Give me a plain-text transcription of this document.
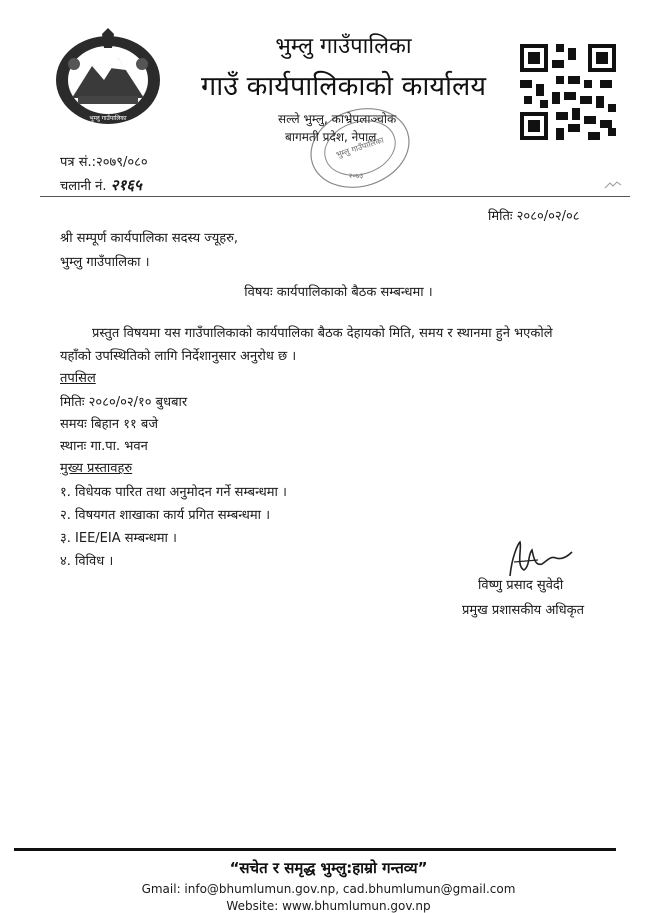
भुम्लु गाउँपालिका
भुम्लु गाउँपालिका
गाउँ कार्यपालिकाको कार्यालय
भुम्लु गाउँपालिका
२०७३
सल्ले भुम्लु, काभ्रेपलाञ्चोक
बागमती प्रदेश, नेपाल
पत्र सं.:२०७९/०८०
चलानी नं. २१६५
मितिः २०८०/०२/०८
श्री सम्पूर्ण कार्यपालिका सदस्य ज्यूहरु,
भुम्लु गाउँपालिका ।
विषयः कार्यपालिकाको बैठक सम्बन्धमा ।
प्रस्तुत विषयमा यस गाउँपालिकाको कार्यपालिका बैठक देहायको मिति, समय र स्थानमा हुने भएकोले
यहाँको उपस्थितिको लागि निर्देशानुसार अनुरोध छ ।
तपसिल
मितिः २०८०/०२/१० बुधबार
समयः बिहान ११ बजे
स्थानः गा.पा. भवन
मुख्य प्रस्तावहरु
१. विधेयक पारित तथा अनुमोदन गर्ने सम्बन्धमा ।
२. विषयगत शाखाका कार्य प्रगित सम्बन्धमा ।
३. IEE/EIA सम्बन्धमा ।
४. विविध ।
विष्णु प्रसाद सुवेदी
प्रमुख प्रशासकीय अधिकृत
“सचेत र समृद्ध भुम्लु:हाम्रो गन्तव्य”
Gmail: info@bhumlumun.gov.np, cad.bhumlumun@gmail.com
Website: www.bhumlumun.gov.np
